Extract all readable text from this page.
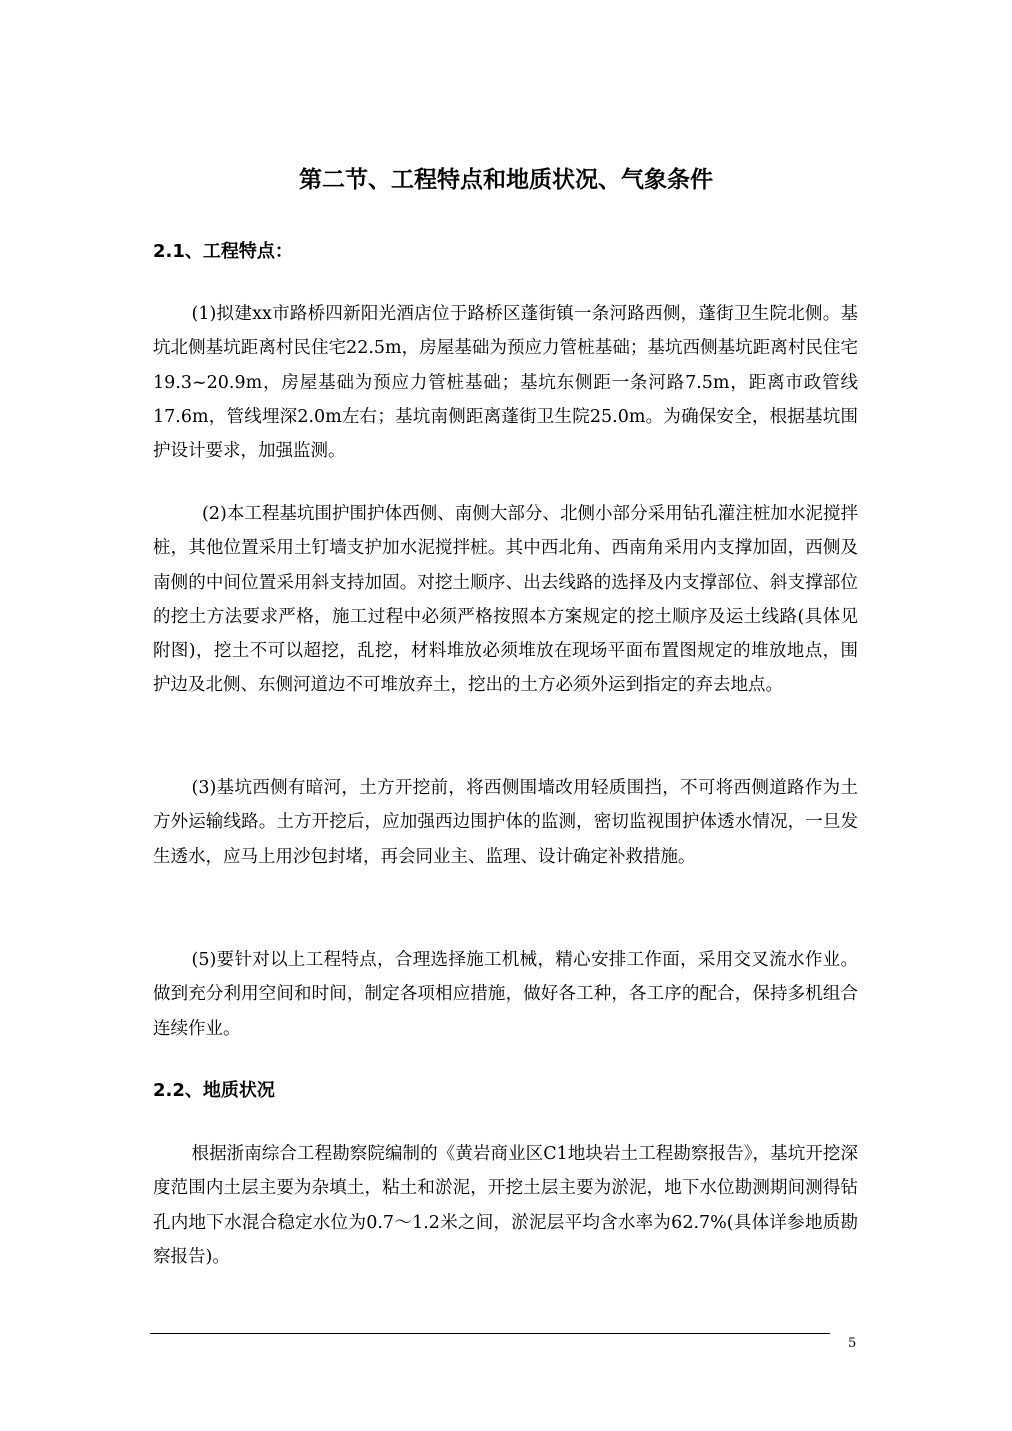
第二节、工程特点和地质状况、气象条件
2.1、工程特点：

(1)拟建xx市路桥四新阳光酒店位于路桥区蓬街镇一条河路西侧，蓬街卫生院北侧。基坑北侧基坑距离村民住宅22.5m，房屋基础为预应力管桩基础；基坑西侧基坑距离村民住宅 19.3~20.9m，房屋基础为预应力管桩基础；基坑东侧距一条河路7.5m，距离市政管线17.6m，管线埋深2.0m左右；基坑南侧距离蓬街卫生院25.0m。为确保安全，根据基坑围护设计要求，加强监测。

(2)本工程基坑围护围护体西侧、南侧大部分、北侧小部分采用钻孔灌注桩加水泥搅拌桩，其他位置采用土钉墙支护加水泥搅拌桩。其中西北角、西南角采用内支撑加固，西侧及南侧的中间位置采用斜支持加固。对挖土顺序、出去线路的选择及内支撑部位、斜支撑部位的挖土方法要求严格，施工过程中必须严格按照本方案规定的挖土顺序及运土线路(具体见附图)，挖土不可以超挖，乱挖，材料堆放必须堆放在现场平面布置图规定的堆放地点，围护边及北侧、东侧河道边不可堆放弃土，挖出的土方必须外运到指定的弃去地点。

(3)基坑西侧有暗河，土方开挖前，将西侧围墙改用轻质围挡，不可将西侧道路作为土方外运输线路。土方开挖后，应加强西边围护体的监测，密切监视围护体透水情况，一旦发生透水，应马上用沙包封堵，再会同业主、监理、设计确定补救措施。

(5)要针对以上工程特点，合理选择施工机械，精心安排工作面，采用交叉流水作业。做到充分利用空间和时间，制定各项相应措施，做好各工种，各工序的配合，保持多机组合连续作业。

2.2、地质状况

根据浙南综合工程勘察院编制的《黄岩商业区C1地块岩土工程勘察报告》，基坑开挖深度范围内土层主要为杂填土，粘土和淤泥，开挖土层主要为淤泥，地下水位勘测期间测得钻孔内地下水混合稳定水位为0.7～1.2米之间，淤泥层平均含水率为62.7%(具体详参地质勘察报告)。

5
